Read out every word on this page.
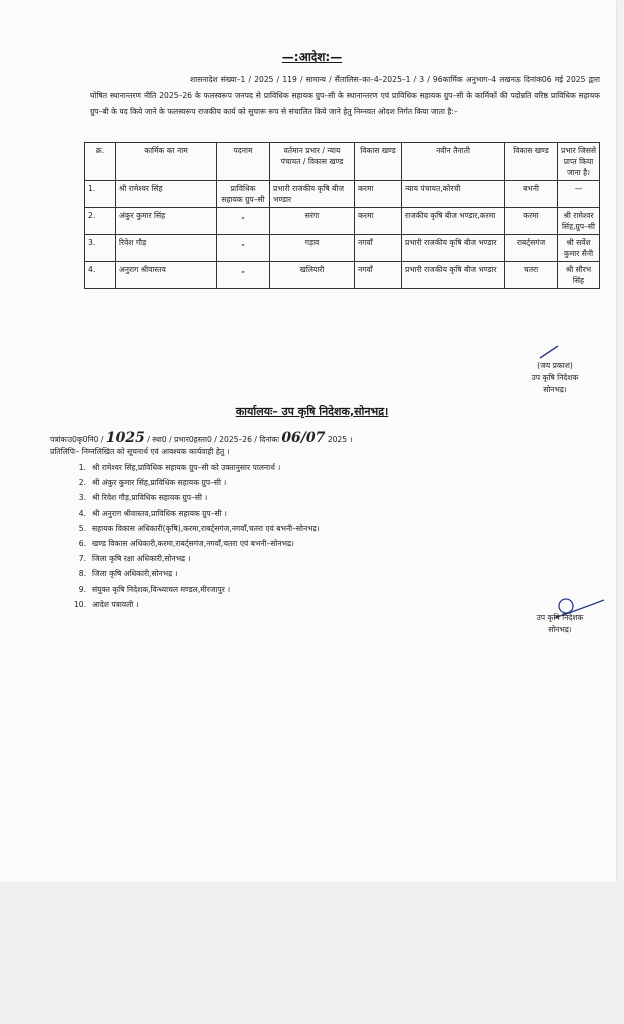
—:आदेश:—
शासनादेश संख्या–1 / 2025 / 119 / सामान्य / सैंतालिस–का–4–2025–1 / 3 / 96कार्मिक अनुभाग–4 लखनऊ दिनांक06 मई 2025 द्वारा घोषित स्थानान्तरण नीति 2025–26 के फलस्वरूप जनपद से प्राविधिक सहायक ग्रुप–सी के स्थानान्तरण एवं प्राविधिक सहायक ग्रुप–सी के कार्मिकों की पदोन्नति वरिष्ठ प्राविधिक सहायक ग्रुप–बी के पद किये जाने के फलस्वरूप राजकीय कार्य को सुचारू रूप से संचालित किये जाने हेतु निम्नवत ओदश निर्गत किया जाता है:–
क्र.	कार्मिक का नाम	पदनाम	वर्तमान प्रभार / न्याय पंचायत / विकास खण्ड	विकास खण्ड	नवीन तैनाती	विकास खण्ड	प्रभार जिससे प्राप्त किया जाना है।
1.	श्री रामेश्वर सिंह	प्राविधिक सहायक ग्रुप–सी	प्रभारी राजकीय कृषि बीज भण्डार	करमा	न्याय पंचायत,कोरची	बभनी	—
2.	अंकुर कुमार सिंह	„	सरंगा	करमा	राजकीय कृषि बीज भण्डार,करमा	करमा	श्री रामेश्वर सिंह,ग्रुप–सी
3.	रिवेश गौड़	„	गड़ाव	नगवॉं	प्रभारी राजकीय कृषि बीज भण्डार	राबर्ट्सगंज	श्री सर्वेश कुमार सैनी
4.	अनुराग श्रीवास्तव	„	खलियारी	नगवॉं	प्रभारी राजकीय कृषि बीज भण्डार	चतरा	श्री सौरभ सिंह
(जय प्रकाश)
उप कृषि निदेशक
सोनभद्र।
कार्यालयः– उप कृषि निदेशक,सोनभद्र।
पत्रांकःउ0कृ0नि0 / 1025 / स्था0 / प्रभार0हस्ता0 / 2025–26 / दिनांकः 06/07 2025 ।
प्रतिलिपिः– निम्नलिखित को सूचनार्थ एवं आवश्यक कार्यवाही हेतु ।
1. श्री रामेश्वर सिंह,प्राविधिक सहायक ग्रुप–सी को उक्तानुसार पालनार्थ ।
2. श्री अंकुर कुमार सिंह,प्राविधिक सहायक ग्रुप–सी ।
3. श्री रिवेश गौड़,प्राविधिक सहायक ग्रुप–सी ।
4. श्री अनुराग श्रीवास्तव,प्राविधिक सहायक ग्रुप–सी ।
5. सहायक विकास अधिकारी(कृषि),करमा,राबर्ट्सगंज,नगवॉं,चतरा एवं बभनी–सोनभद्र।
6. खण्ड विकास अधिकारी,करमा,राबर्ट्सगंज,नगवॉं,चतरा एवं बभनी–सोनभद्र।
7. जिला कृषि रक्षा अधिकारी,सोनभद्र ।
8. जिला कृषि अधिकारी,सोनभद्र ।
9. संयुक्त कृषि निदेशक,विन्ध्याचल मण्डल,मीरजापुर ।
10. आदेश पत्रावली ।
उप कृषि निदेशक
सोनभद्र।
